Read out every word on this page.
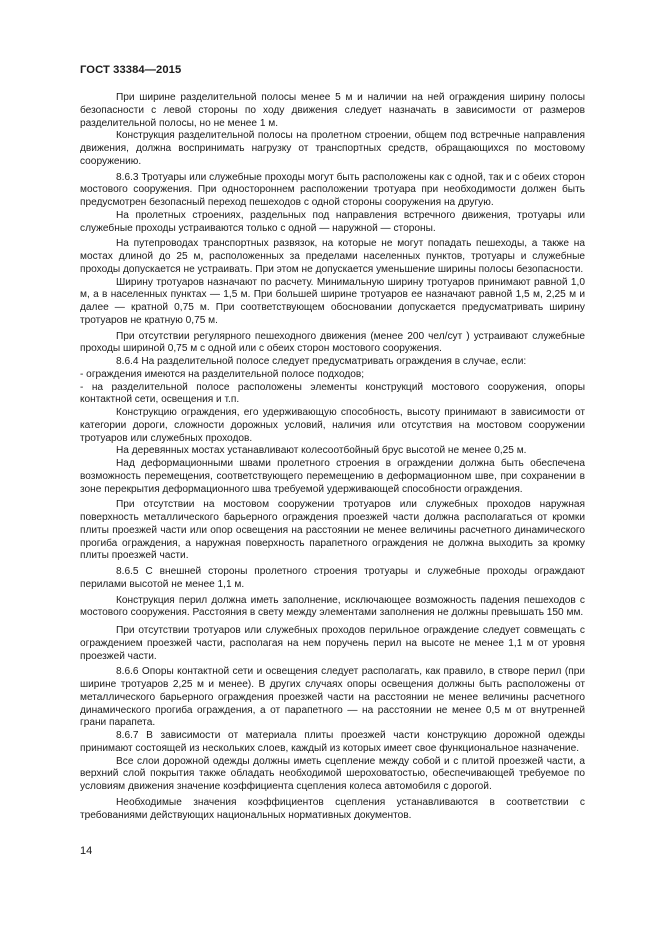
ГОСТ 33384—2015

При ширине разделительной полосы менее 5 м и наличии на ней ограждения ширину полосы безопасности с левой стороны по ходу движения следует назначать в зависимости от размеров разделительной полосы, но не менее 1 м.

Конструкция разделительной полосы на пролетном строении, общем под встречные направления движения, должна воспринимать нагрузку от транспортных средств, обращающихся по мостовому сооружению.

8.6.3 Тротуары или служебные проходы могут быть расположены как с одной, так и с обеих сторон мостового сооружения. При одностороннем расположении тротуара при необходимости должен быть предусмотрен безопасный переход пешеходов с одной стороны сооружения на другую.

На пролетных строениях, раздельных под направления встречного движения, тротуары или служебные проходы устраиваются только с одной — наружной — стороны.

На путепроводах транспортных развязок, на которые не могут попадать пешеходы, а также на мостах длиной до 25 м, расположенных за пределами населенных пунктов, тротуары и служебные проходы допускается не устраивать. При этом не допускается уменьшение ширины полосы безопасности.

Ширину тротуаров назначают по расчету. Минимальную ширину тротуаров принимают равной 1,0 м, а в населенных пунктах — 1,5 м. При большей ширине тротуаров ее назначают равной 1,5 м, 2,25 м и далее — кратной 0,75 м. При соответствующем обосновании допускается предусматривать ширину тротуаров не кратную 0,75 м.

При отсутствии регулярного пешеходного движения (менее 200 чел/сут ) устраивают служебные проходы шириной 0,75 м с одной или с обеих сторон мостового сооружения.

8.6.4 На разделительной полосе следует предусматривать ограждения в случае, если:

- ограждения имеются на разделительной полосе подходов;

- на разделительной полосе расположены элементы конструкций мостового сооружения, опоры контактной сети, освещения и т.п.

Конструкцию ограждения, его удерживающую способность, высоту принимают в зависимости от категории дороги, сложности дорожных условий, наличия или отсутствия на мостовом сооружении тротуаров или служебных проходов.

На деревянных мостах устанавливают колесоотбойный брус высотой не менее 0,25 м.

Над деформационными швами пролетного строения в ограждении должна быть обеспечена возможность перемещения, соответствующего перемещению в деформационном шве, при сохранении в зоне перекрытия деформационного шва требуемой удерживающей способности ограждения.

При отсутствии на мостовом сооружении тротуаров или служебных проходов наружная поверхность металлического барьерного ограждения проезжей части должна располагаться от кромки плиты проезжей части или опор освещения на расстоянии не менее величины расчетного динамического прогиба ограждения, а наружная поверхность парапетного ограждения не должна выходить за кромку плиты проезжей части.

8.6.5 С внешней стороны пролетного строения тротуары и служебные проходы ограждают перилами высотой не менее 1,1 м.

Конструкция перил должна иметь заполнение, исключающее возможность падения пешеходов с мостового сооружения. Расстояния в свету между элементами заполнения не должны превышать 150 мм.

При отсутствии тротуаров или служебных проходов перильное ограждение следует совмещать с ограждением проезжей части, располагая на нем поручень перил на высоте не менее 1,1 м от уровня проезжей части.

8.6.6 Опоры контактной сети и освещения следует располагать, как правило, в створе перил (при ширине тротуаров 2,25 м и менее). В других случаях опоры освещения должны быть расположены от металлического барьерного ограждения проезжей части на расстоянии не менее величины расчетного динамического прогиба ограждения, а от парапетного — на расстоянии не менее 0,5 м от внутренней грани парапета.

8.6.7 В зависимости от материала плиты проезжей части конструкцию дорожной одежды принимают состоящей из нескольких слоев, каждый из которых имеет свое функциональное назначение.

Все слои дорожной одежды должны иметь сцепление между собой и с плитой проезжей части, а верхний слой покрытия также обладать необходимой шероховатостью, обеспечивающей требуемое по условиям движения значение коэффициента сцепления колеса автомобиля с дорогой.

Необходимые значения коэффициентов сцепления устанавливаются в соответствии с требованиями действующих национальных нормативных документов.

14
